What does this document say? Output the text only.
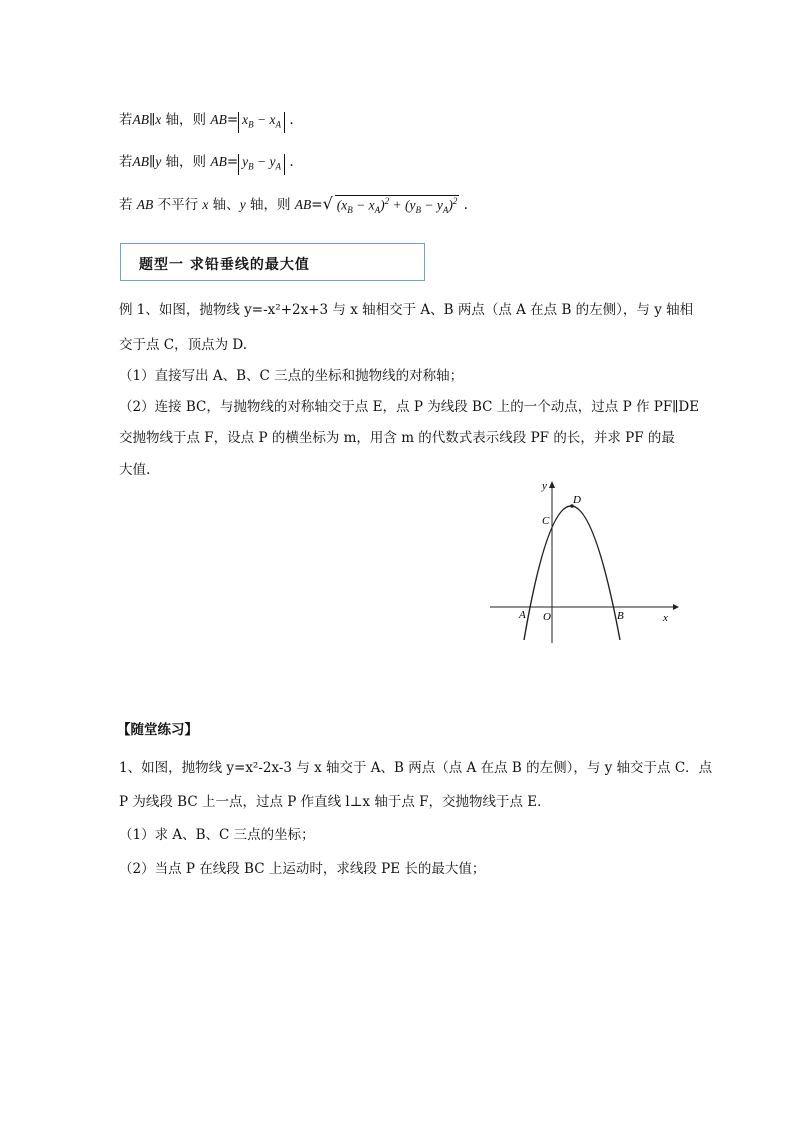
若AB∥x 轴，则 $AB= x_B - x_A$ .
若AB∥y 轴，则 $AB= y_B - y_A$ .
若 AB 不平行 x 轴、y 轴，则 AB=√ $(x_B - x_A)^2 + (y_B - y_A)^2$ .
题型一 求铅垂线的最大值
例 1、如图，抛物线 y=-x²+2x+3 与 x 轴相交于 A、B 两点（点 A 在点 B 的左侧），与 y 轴相
交于点 C，顶点为 D.
（1）直接写出 A、B、C 三点的坐标和抛物线的对称轴；
（2）连接 BC，与抛物线的对称轴交于点 E，点 P 为线段 BC 上的一个动点，过点 P 作 PF∥DE
交抛物线于点 F，设点 P 的横坐标为 m，用含 m 的代数式表示线段 PF 的长，并求 PF 的最
大值.
y
x
D
C
A O	B
【随堂练习】
1、如图，抛物线 y=x²-2x-3 与 x 轴交于 A、B 两点（点 A 在点 B 的左侧），与 y 轴交于点 C．点
P 为线段 BC 上一点，过点 P 作直线 l⊥x 轴于点 F，交抛物线于点 E．
（1）求 A、B、C 三点的坐标；
（2）当点 P 在线段 BC 上运动时，求线段 PE 长的最大值；
